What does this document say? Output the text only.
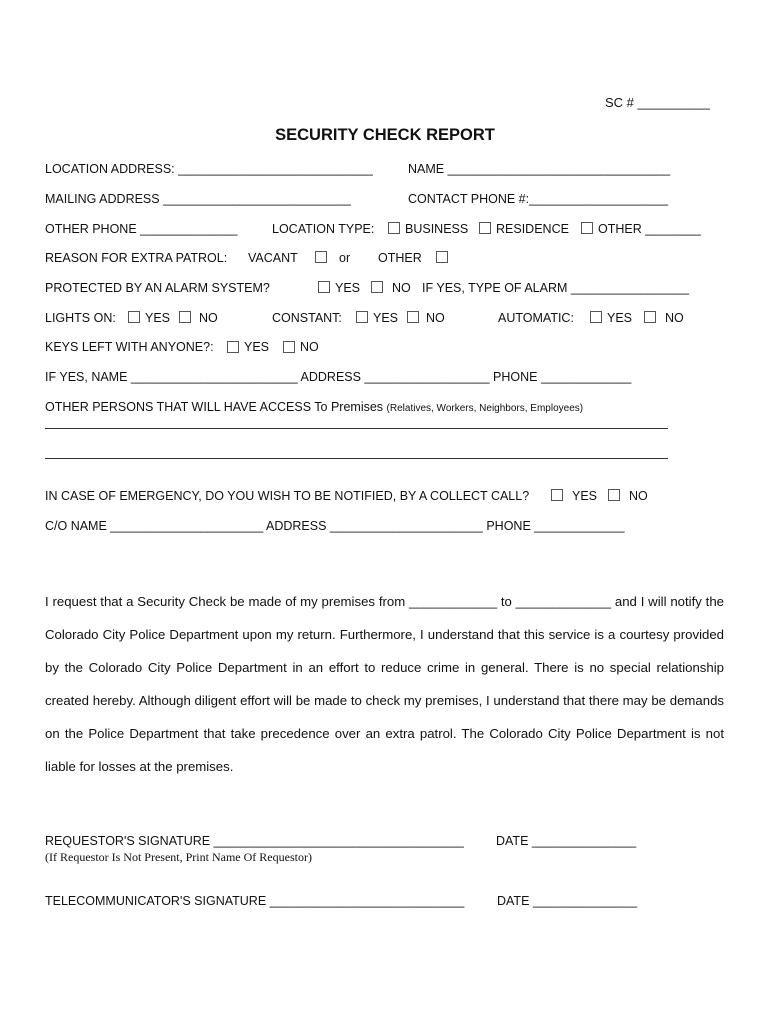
SC # __________
SECURITY CHECK REPORT
LOCATION ADDRESS: ____________________________	NAME ________________________________
MAILING ADDRESS ___________________________	CONTACT PHONE #:____________________
OTHER PHONE ______________	LOCATION TYPE: BUSINESS RESIDENCE OTHER ________
REASON FOR EXTRA PATROL: VACANT	or OTHER
PROTECTED BY AN ALARM SYSTEM?	YES	NO IF YES, TYPE OF ALARM _________________
LIGHTS ON: YES NO	CONSTANT: YES NO	AUTOMATIC:	YES	NO
KEYS LEFT WITH ANYONE?: YES NO
IF YES, NAME ________________________ ADDRESS __________________ PHONE _____________
OTHER PERSONS THAT WILL HAVE ACCESS To Premises (Relatives, Workers, Neighbors, Employees)
IN CASE OF EMERGENCY, DO YOU WISH TO BE NOTIFIED, BY A COLLECT CALL?	YES	NO
C/O NAME ______________________ ADDRESS ______________________ PHONE _____________
I request that a Security Check be made of my premises from ____________ to _____________ and I will notify the Colorado City Police Department upon my return. Furthermore, I understand that this service is a courtesy provided by the Colorado City Police Department in an effort to reduce crime in general. There is no special relationship created hereby. Although diligent effort will be made to check my premises, I understand that there may be demands on the Police Department that take precedence over an extra patrol. The Colorado City Police Department is not liable for losses at the premises.
REQUESTOR'S SIGNATURE ____________________________________	DATE _______________
(If Requestor Is Not Present, Print Name Of Requestor)
TELECOMMUNICATOR'S SIGNATURE ____________________________	DATE _______________
